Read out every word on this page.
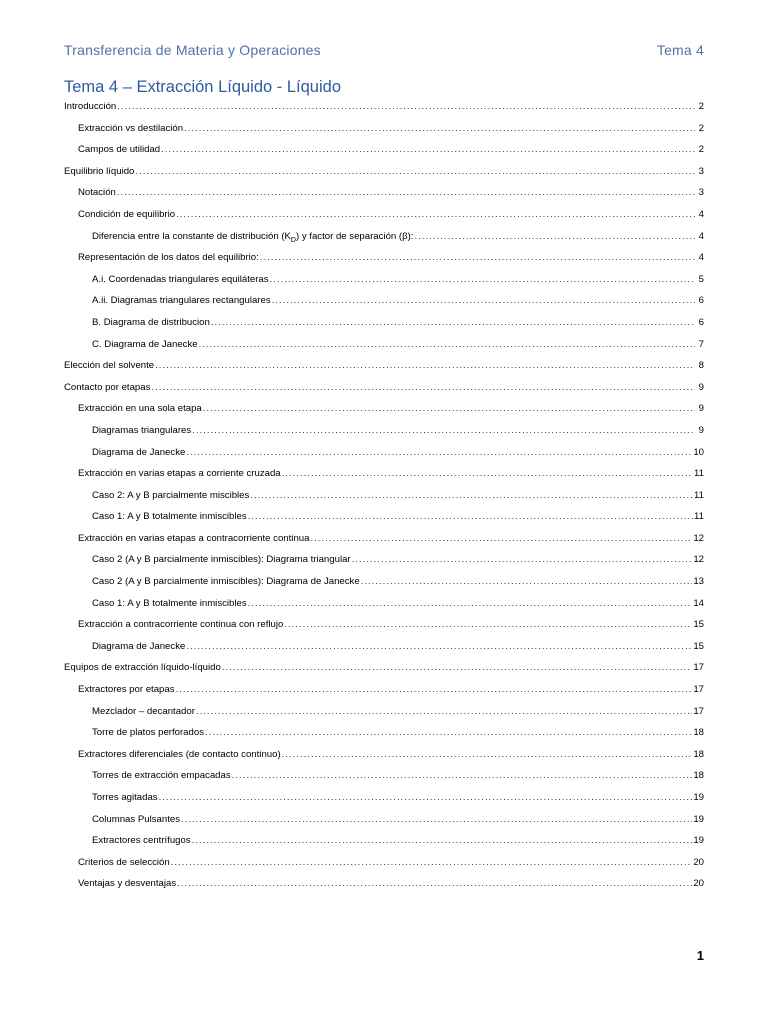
Transferencia de Materia y Operaciones	Tema 4
Tema 4 – Extracción Líquido - Líquido
Introducción .....	2
Extracción vs destilación .....	2
Campos de utilidad .....	2
Equilibrio líquido .....	3
Notación .....	3
Condición de equilibrio .....	4
Diferencia entre la constante de distribución $(K_D)$ y factor de separación (β): .....	4
Representación de los datos del equilibrio: .....	4
A.i. Coordenadas triangulares equiláteras .....	5
A.ii. Diagramas triangulares rectangulares .....	6
B. Diagrama de distribucion .....	6
C. Diagrama de Janecke .....	7
Elección del solvente .....	8
Contacto por etapas .....	9
Extracción en una sola etapa .....	9
Diagramas triangulares .....	9
Diagrama de Janecke .....	10
Extracción en varias etapas a corriente cruzada .....	11
Caso 2: A y B parcialmente miscibles .....	11
Caso 1: A y B totalmente inmiscibles .....	11
Extracción en varias etapas a contracorriente continua .....	12
Caso 2 (A y B parcialmente inmiscibles): Diagrama triangular .....	12
Caso 2 (A y B parcialmente inmiscibles): Diagrama de Janecke .....	13
Caso 1: A y B totalmente inmiscibles .....	14
Extracción a contracorriente continua con reflujo .....	15
Diagrama de Janecke .....	15
Equipos de extracción líquido-líquido .....	17
Extractores por etapas .....	17
Mezclador – decantador .....	17
Torre de platos perforados .....	18
Extractores diferenciales (de contacto continuo) .....	18
Torres de extracción empacadas .....	18
Torres agitadas .....	19
Columnas Pulsantes .....	19
Extractores centrífugos .....	19
Criterios de selección .....	20
Ventajas y desventajas .....	20
1
